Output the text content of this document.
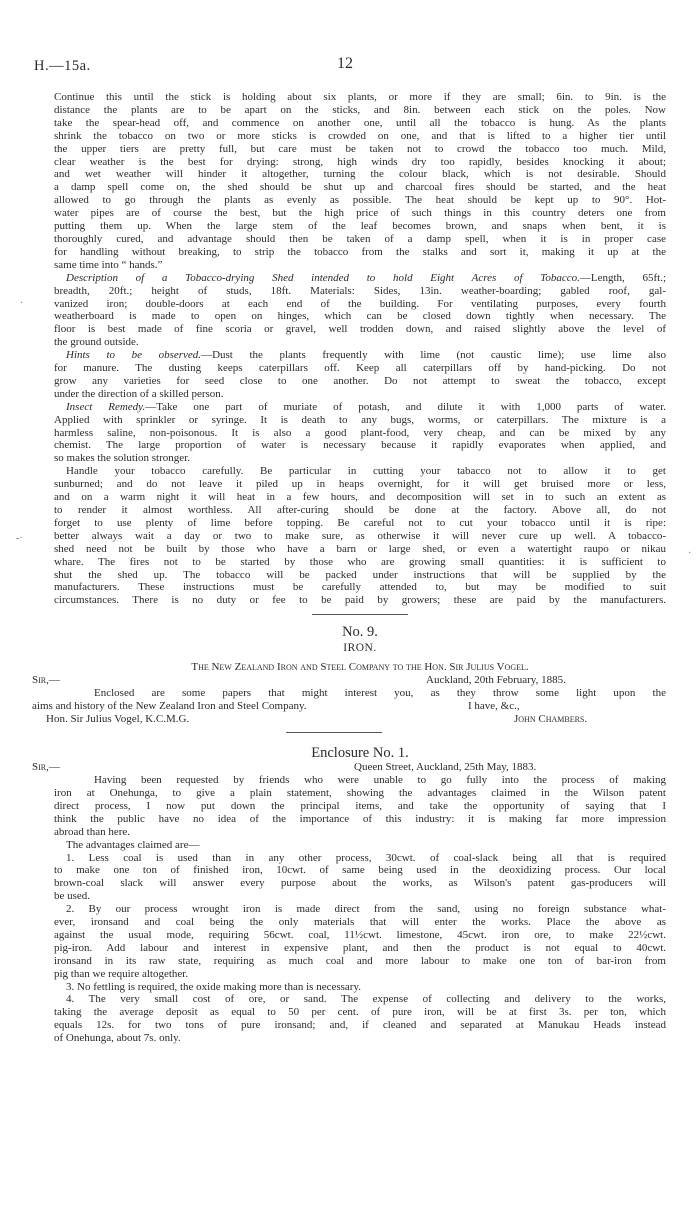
H.—15a.	12
·
-·
·
Continue this until the stick is holding about six plants, or more if they are small; 6in. to 9in. is the
distance the plants are to be apart on the sticks, and 8in. between each stick on the poles. Now
take the spear-head off, and commence on another one, until all the tobacco is hung. As the plants
shrink the tobacco on two or more sticks is crowded on one, and that is lifted to a higher tier until
the upper tiers are pretty full, but care must be taken not to crowd the tobacco too much. Mild,
clear weather is the best for drying: strong, high winds dry too rapidly, besides knocking it about;
and wet weather will hinder it altogether, turning the colour black, which is not desirable. Should
a damp spell come on, the shed should be shut up and charcoal fires should be started, and the heat
allowed to go through the plants as evenly as possible. The heat should be kept up to 90°. Hot-
water pipes are of course the best, but the high price of such things in this country deters one from
putting them up. When the large stem of the leaf becomes brown, and snaps when bent, it is
thoroughly cured, and advantage should then be taken of a damp spell, when it is in proper case
for handling without breaking, to strip the tobacco from the stalks and sort it, making it up at the
same time into “ hands.”
Description of a Tobacco-drying Shed intended to hold Eight Acres of Tobacco.—Length, 65ft.;
breadth, 20ft.; height of studs, 18ft. Materials: Sides, 13in. weather-boarding; gabled roof, gal-
vanized iron; double-doors at each end of the building. For ventilating purposes, every fourth
weatherboard is made to open on hinges, which can be closed down tightly when necessary. The
floor is best made of fine scoria or gravel, well trodden down, and raised slightly above the level of
the ground outside.
Hints to be observed.—Dust the plants frequently with lime (not caustic lime); use lime also
for manure. The dusting keeps caterpillars off. Keep all caterpillars off by hand-picking. Do not
grow any varieties for seed close to one another. Do not attempt to sweat the tobacco, except
under the direction of a skilled person.
Insect Remedy.—Take one part of muriate of potash, and dilute it with 1,000 parts of water.
Applied with sprinkler or syringe. It is death to any bugs, worms, or caterpillars. The mixture is a
harmless saline, non-poisonous. It is also a good plant-food, very cheap, and can be mixed by any
chemist. The large proportion of water is necessary because it rapidly evaporates when applied, and
so makes the solution stronger.
Handle your tobacco carefully. Be particular in cutting your tabacco not to allow it to get
sunburned; and do not leave it piled up in heaps overnight, for it will get bruised more or less,
and on a warm night it will heat in a few hours, and decomposition will set in to such an extent as
to render it almost worthless. All after-curing should be done at the factory. Above all, do not
forget to use plenty of lime before topping. Be careful not to cut your tobacco until it is ripe:
better always wait a day or two to make sure, as otherwise it will never cure up well. A tobacco-
shed need not be built by those who have a barn or large shed, or even a watertight raupo or nikau
whare. The fires not to be started by those who are growing small quantities: it is sufficient to
shut the shed up. The tobacco will be packed under instructions that will be supplied by the
manufacturers. These instructions must be carefully attended to, but may be modified to suit
circumstances. There is no duty or fee to be paid by growers; these are paid by the manufacturers.
No. 9.
IRON.
The New Zealand Iron and Steel Company to the Hon. Sir Julius Vogel.
Sir,—	Auckland, 20th February, 1885.
Enclosed are some papers that might interest you, as they throw some light upon the
aims and history of the New Zealand Iron and Steel Company.	I have, &c.,
Hon. Sir Julius Vogel, K.C.M.G.	John Chambers.
Enclosure No. 1.
Sir,—	Queen Street, Auckland, 25th May, 1883.
Having been requested by friends who were unable to go fully into the process of making
iron at Onehunga, to give a plain statement, showing the advantages claimed in the Wilson patent
direct process, I now put down the principal items, and take the opportunity of saying that I
think the public have no idea of the importance of this industry: it is making far more impression
abroad than here.
The advantages claimed are—
1. Less coal is used than in any other process, 30cwt. of coal-slack being all that is required
to make one ton of finished iron, 10cwt. of same being used in the deoxidizing process. Our local
brown-coal slack will answer every purpose about the works, as Wilson's patent gas-producers will
be used.
2. By our process wrought iron is made direct from the sand, using no foreign substance what-
ever, ironsand and coal being the only materials that will enter the works. Place the above as
against the usual mode, requiring 56cwt. coal, 11½cwt. limestone, 45cwt. iron ore, to make 22½cwt.
pig-iron. Add labour and interest in expensive plant, and then the product is not equal to 40cwt.
ironsand in its raw state, requiring as much coal and more labour to make one ton of bar-iron from
pig than we require altogether.
3. No fettling is required, the oxide making more than is necessary.
4. The very small cost of ore, or sand. The expense of collecting and delivery to the works,
taking the average deposit as equal to 50 per cent. of pure iron, will be at first 3s. per ton, which
equals 12s. for two tons of pure ironsand; and, if cleaned and separated at Manukau Heads instead
of Onehunga, about 7s. only.
